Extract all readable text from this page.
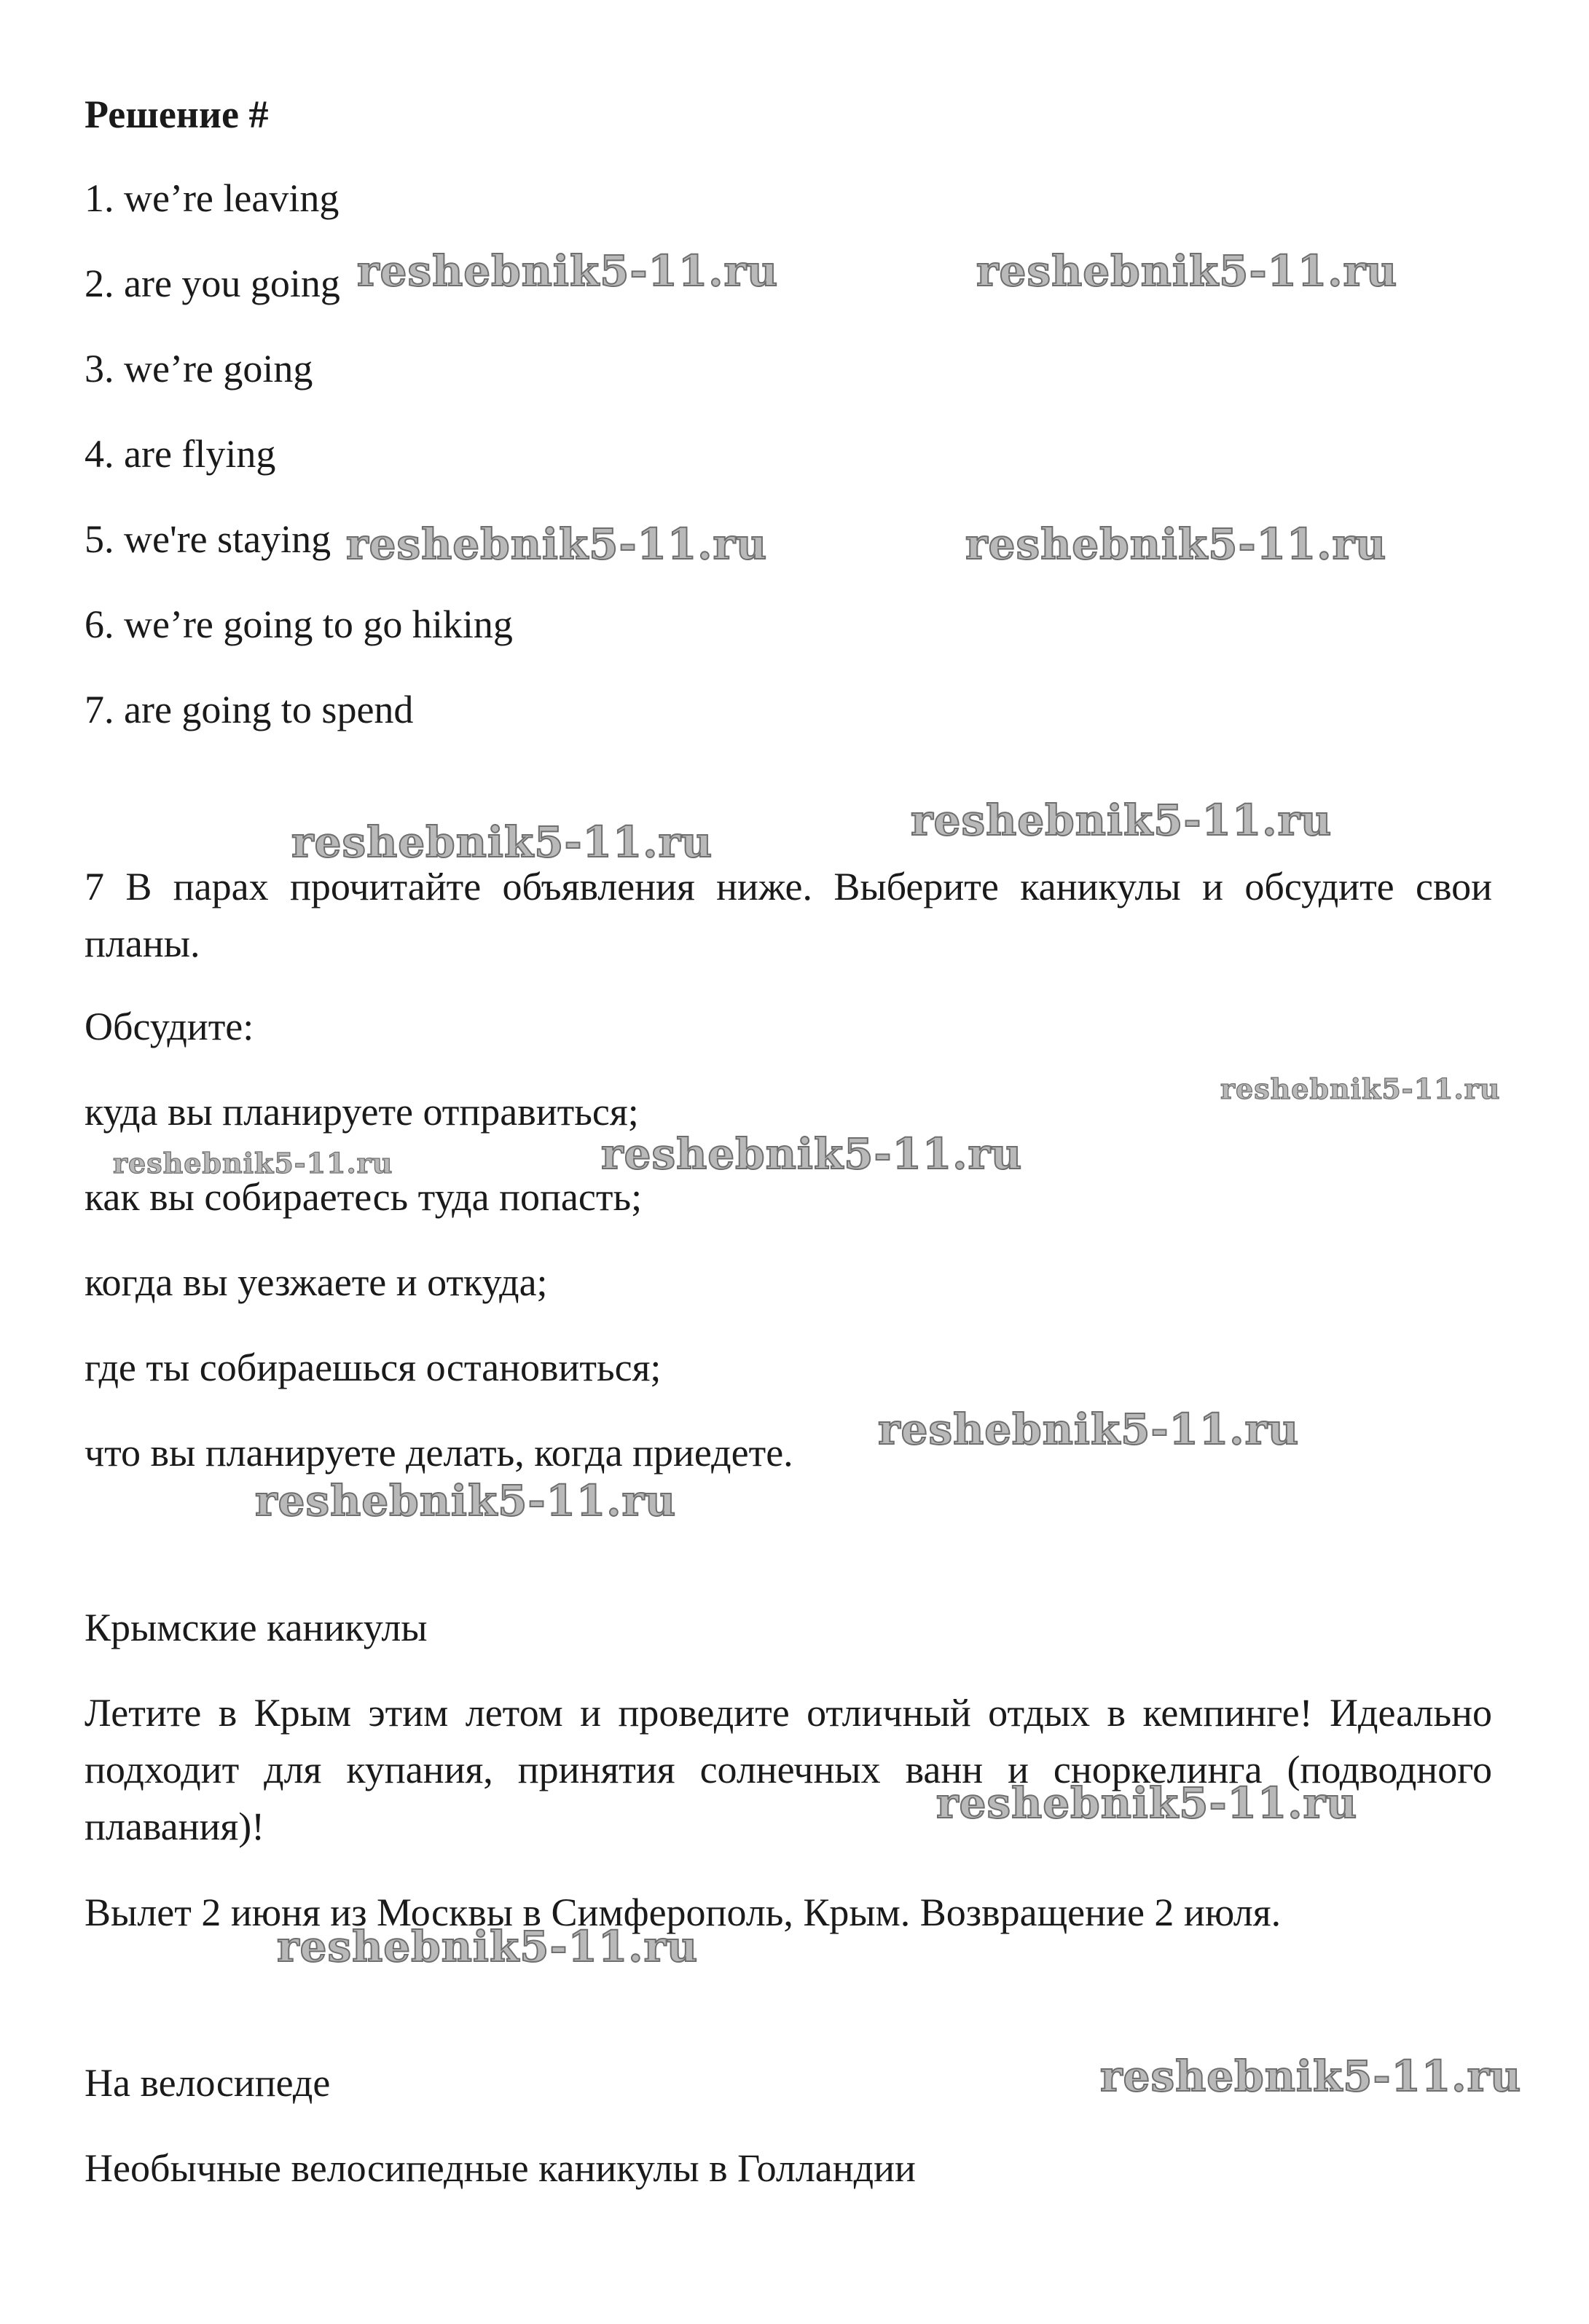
Решение #
1. we’re leaving
2. are you going
3. we’re going
4. are flying
5. we're staying
6. we’re going to go hiking
7. are going to spend
7 В парах прочитайте объявления ниже. Выберите каникулы и обсудите свои планы.
Обсудите:
куда вы планируете отправиться;
как вы собираетесь туда попасть;
когда вы уезжаете и откуда;
где ты собираешься остановиться;
что вы планируете делать, когда приедете.
Крымские каникулы
Летите в Крым этим летом и проведите отличный отдых в кемпинге! Идеально подходит для купания, принятия солнечных ванн и сноркелинга (подводного плавания)!
Вылет 2 июня из Москвы в Симферополь, Крым. Возвращение 2 июля.
На велосипеде
Необычные велосипедные каникулы в Голландии
reshebnik5-11.ru	reshebnik5-11.ru
reshebnik5-11.ru	reshebnik5-11.ru
reshebnik5-11.ru
reshebnik5-11.ru
reshebnik5-11.ru
reshebnik5-11.ru	reshebnik5-11.ru
reshebnik5-11.ru
reshebnik5-11.ru
reshebnik5-11.ru
reshebnik5-11.ru
reshebnik5-11.ru
